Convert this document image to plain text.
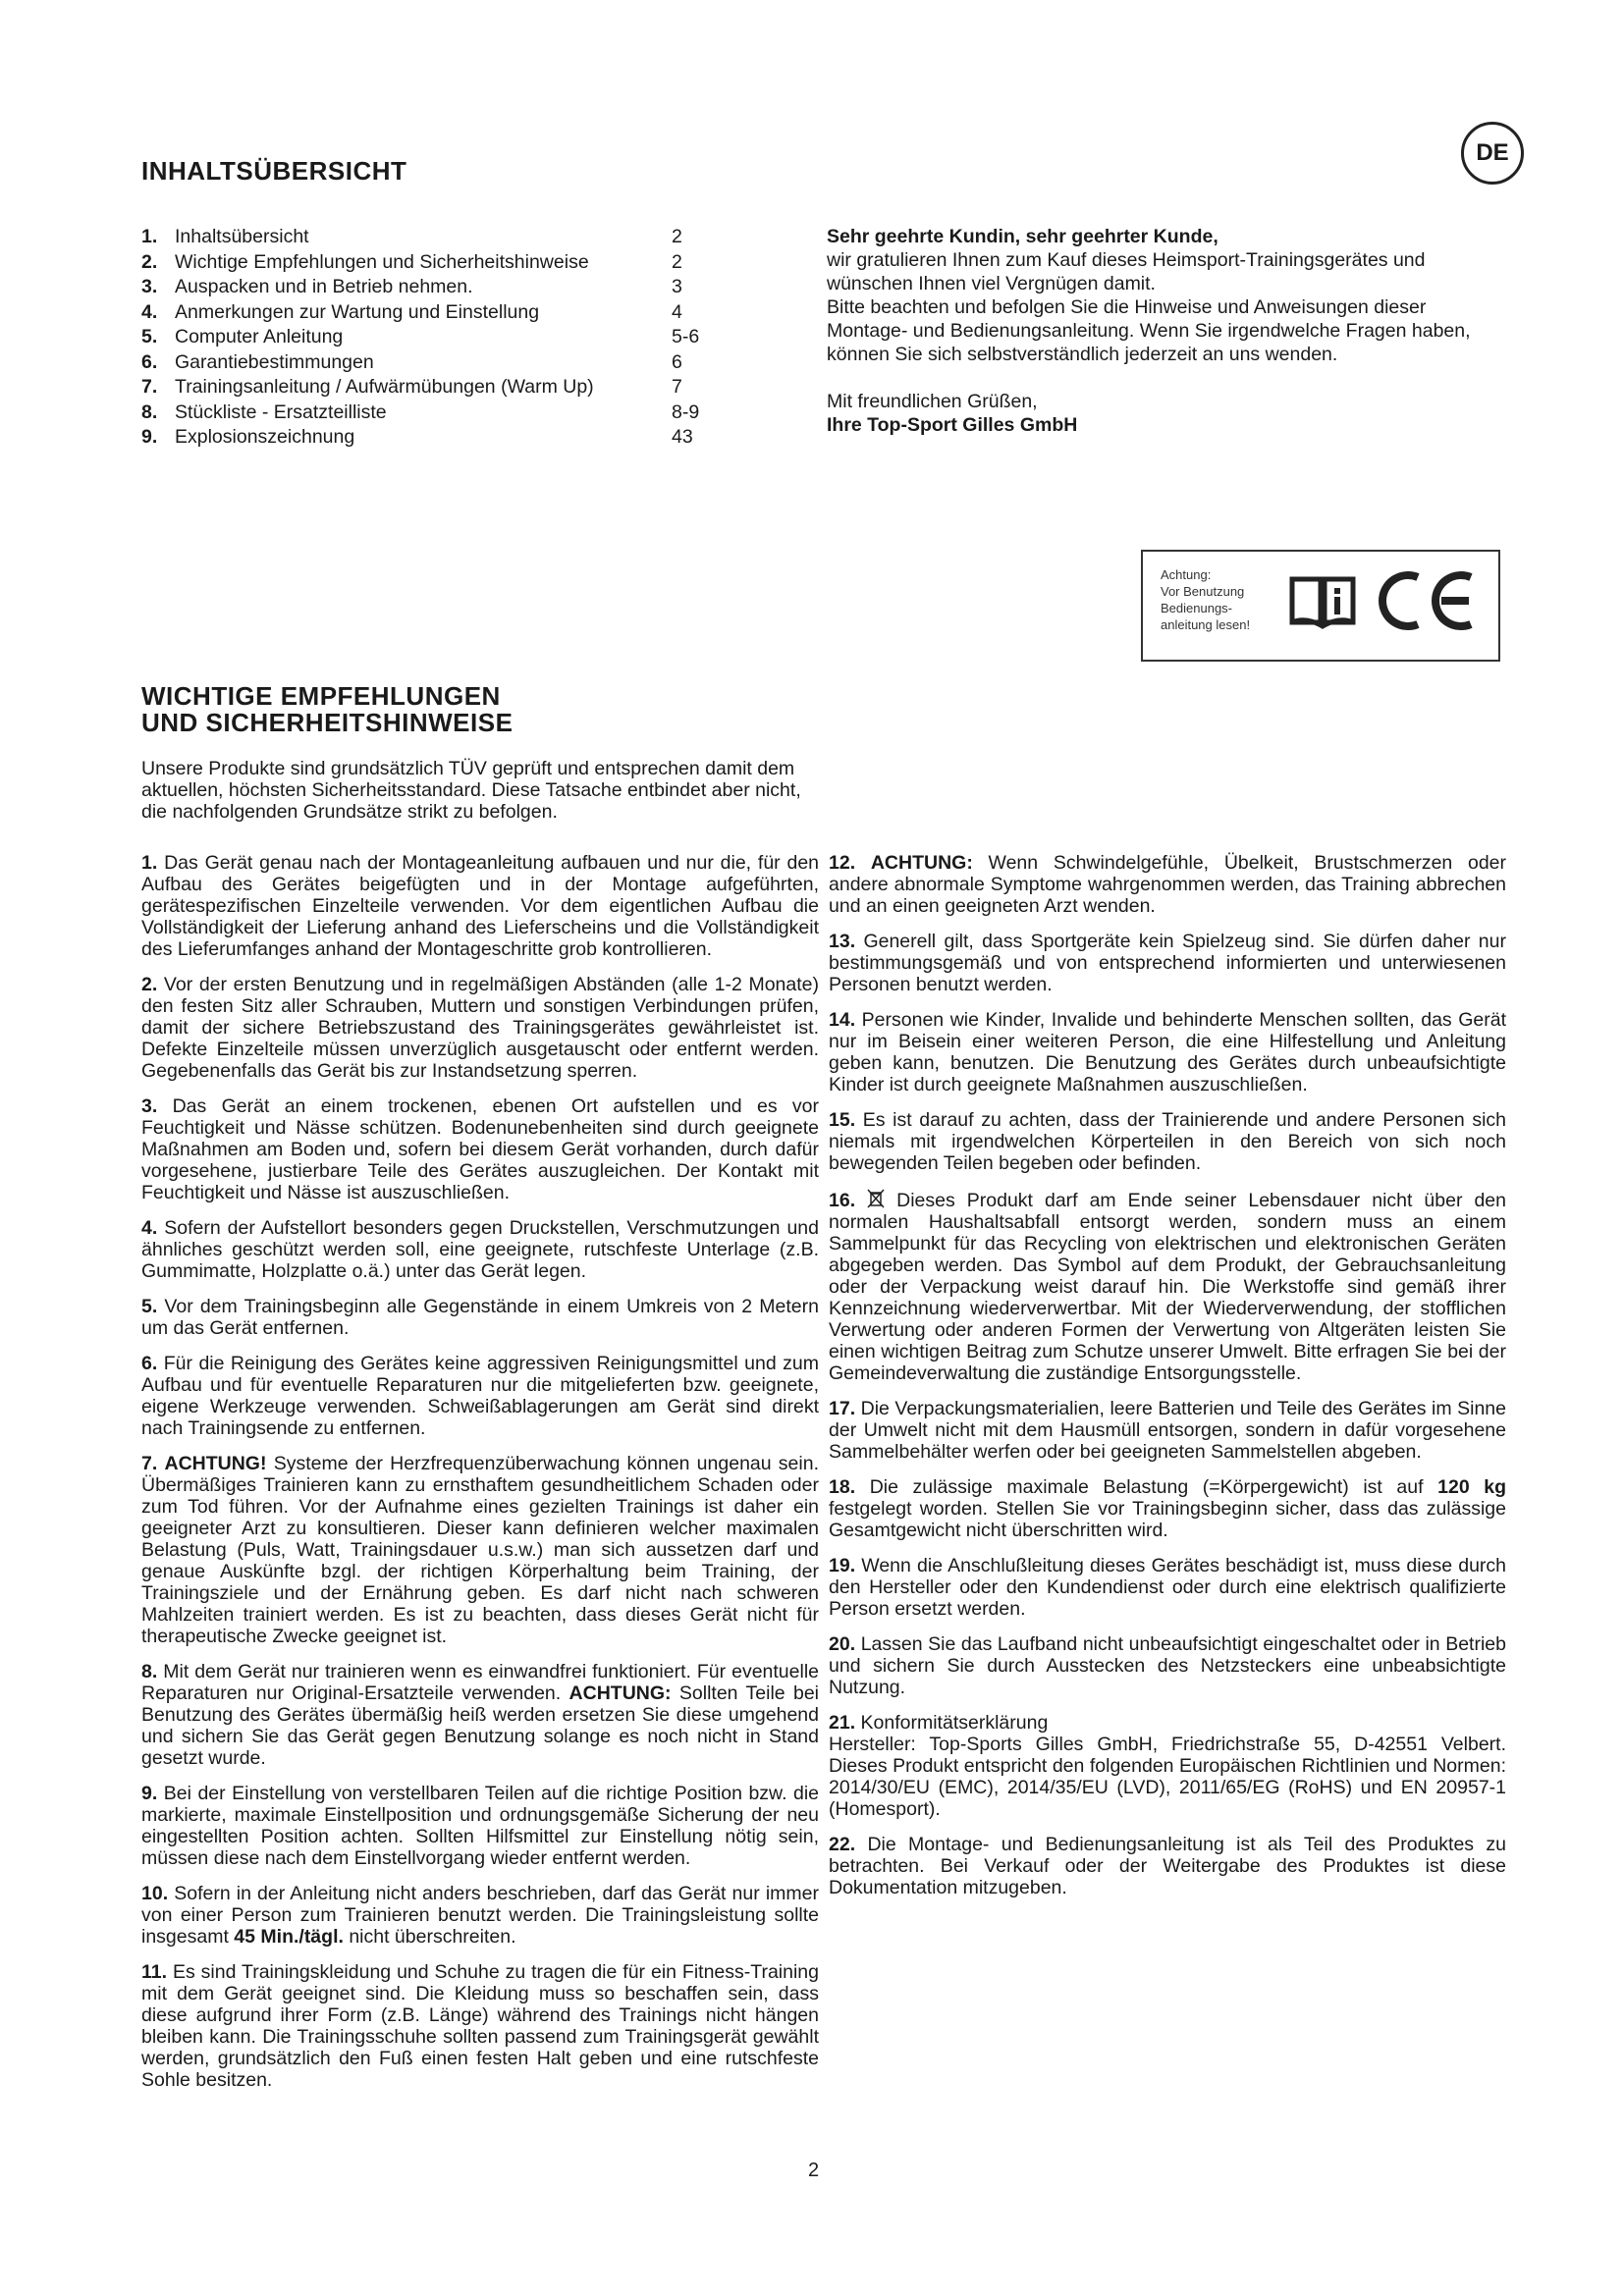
DE
INHALTSÜBERSICHT
1. Inhaltsübersicht	2
2. Wichtige Empfehlungen und Sicherheitshinweise	2
3. Auspacken und in Betrieb nehmen.	3
4. Anmerkungen zur Wartung und Einstellung	4
5. Computer Anleitung	5-6
6. Garantiebestimmungen	6
7. Trainingsanleitung / Aufwärmübungen (Warm Up)	7
8. Stückliste - Ersatzteilliste	8-9
9. Explosionszeichnung	43
Sehr geehrte Kundin, sehr geehrter Kunde,
wir gratulieren Ihnen zum Kauf dieses Heimsport-Trainingsgerätes und wünschen Ihnen viel Vergnügen damit.
Bitte beachten und befolgen Sie die Hinweise und Anweisungen dieser Montage- und Bedienungsanleitung. Wenn Sie irgendwelche Fragen haben, können Sie sich selbstverständlich jederzeit an uns wenden.
Mit freundlichen Grüßen,
Ihre Top-Sport Gilles GmbH
Achtung:
Vor Benutzung
Bedienungs-
anleitung lesen!
WICHTIGE EMPFEHLUNGEN
UND SICHERHEITSHINWEISE
Unsere Produkte sind grundsätzlich TÜV geprüft und entsprechen damit dem aktuellen, höchsten Sicherheitsstandard. Diese Tatsache entbindet aber nicht, die nachfolgenden Grundsätze strikt zu befolgen.

1. Das Gerät genau nach der Montageanleitung aufbauen und nur die, für den Aufbau des Gerätes beigefügten und in der Montage aufgeführten, gerätespezifischen Einzelteile verwenden. Vor dem eigentlichen Aufbau die Vollständigkeit der Lieferung anhand des Lieferscheins und die Vollständigkeit des Lieferumfanges anhand der Montageschritte grob kontrollieren.

2. Vor der ersten Benutzung und in regelmäßigen Abständen (alle 1-2 Monate) den festen Sitz aller Schrauben, Muttern und sonstigen Verbindungen prüfen, damit der sichere Betriebszustand des Trainingsgerätes gewährleistet ist. Defekte Einzelteile müssen unverzüglich ausgetauscht oder entfernt werden. Gegebenenfalls das Gerät bis zur Instandsetzung sperren.

3. Das Gerät an einem trockenen, ebenen Ort aufstellen und es vor Feuchtigkeit und Nässe schützen. Bodenunebenheiten sind durch geeignete Maßnahmen am Boden und, sofern bei diesem Gerät vorhanden, durch dafür vorgesehene, justierbare Teile des Gerätes auszugleichen. Der Kontakt mit Feuchtigkeit und Nässe ist auszuschließen.

4. Sofern der Aufstellort besonders gegen Druckstellen, Verschmutzungen und ähnliches geschützt werden soll, eine geeignete, rutschfeste Unterlage (z.B. Gummimatte, Holzplatte o.ä.) unter das Gerät legen.

5. Vor dem Trainingsbeginn alle Gegenstände in einem Umkreis von 2 Metern um das Gerät entfernen.

6. Für die Reinigung des Gerätes keine aggressiven Reinigungsmittel und zum Aufbau und für eventuelle Reparaturen nur die mitgelieferten bzw. geeignete, eigene Werkzeuge verwenden. Schweißablagerungen am Gerät sind direkt nach Trainingsende zu entfernen.

7. ACHTUNG! Systeme der Herzfrequenzüberwachung können ungenau sein. Übermäßiges Trainieren kann zu ernsthaftem gesundheitlichem Schaden oder zum Tod führen. Vor der Aufnahme eines gezielten Trainings ist daher ein geeigneter Arzt zu konsultieren. Dieser kann definieren welcher maximalen Belastung (Puls, Watt, Trainingsdauer u.s.w.) man sich aussetzen darf und genaue Auskünfte bzgl. der richtigen Körperhaltung beim Training, der Trainingsziele und der Ernährung geben. Es darf nicht nach schweren Mahlzeiten trainiert werden. Es ist zu beachten, dass dieses Gerät nicht für therapeutische Zwecke geeignet ist.

8. Mit dem Gerät nur trainieren wenn es einwandfrei funktioniert. Für eventuelle Reparaturen nur Original-Ersatzteile verwenden. ACHTUNG: Sollten Teile bei Benutzung des Gerätes übermäßig heiß werden ersetzen Sie diese umgehend und sichern Sie das Gerät gegen Benutzung solange es noch nicht in Stand gesetzt wurde.

9. Bei der Einstellung von verstellbaren Teilen auf die richtige Position bzw. die markierte, maximale Einstellposition und ordnungsgemäße Sicherung der neu eingestellten Position achten. Sollten Hilfsmittel zur Einstellung nötig sein, müssen diese nach dem Einstellvorgang wieder entfernt werden.

10. Sofern in der Anleitung nicht anders beschrieben, darf das Gerät nur immer von einer Person zum Trainieren benutzt werden. Die Trainingsleistung sollte insgesamt 45 Min./tägl. nicht überschreiten.

11. Es sind Trainingskleidung und Schuhe zu tragen die für ein Fitness-Training mit dem Gerät geeignet sind. Die Kleidung muss so beschaffen sein, dass diese aufgrund ihrer Form (z.B. Länge) während des Trainings nicht hängen bleiben kann. Die Trainingsschuhe sollten passend zum Trainingsgerät gewählt werden, grundsätzlich den Fuß einen festen Halt geben und eine rutschfeste Sohle besitzen.

12. ACHTUNG: Wenn Schwindelgefühle, Übelkeit, Brustschmerzen oder andere abnormale Symptome wahrgenommen werden, das Training abbrechen und an einen geeigneten Arzt wenden.

13. Generell gilt, dass Sportgeräte kein Spielzeug sind. Sie dürfen daher nur bestimmungsgemäß und von entsprechend informierten und unterwiesenen Personen benutzt werden.

14. Personen wie Kinder, Invalide und behinderte Menschen sollten, das Gerät nur im Beisein einer weiteren Person, die eine Hilfestellung und Anleitung geben kann, benutzen. Die Benutzung des Gerätes durch unbeaufsichtigte Kinder ist durch geeignete Maßnahmen auszuschließen.

15. Es ist darauf zu achten, dass der Trainierende und andere Personen sich niemals mit irgendwelchen Körperteilen in den Bereich von sich noch bewegenden Teilen begeben oder befinden.

16. Dieses Produkt darf am Ende seiner Lebensdauer nicht über den normalen Haushaltsabfall entsorgt werden, sondern muss an einem Sammelpunkt für das Recycling von elektrischen und elektronischen Geräten abgegeben werden. Das Symbol auf dem Produkt, der Gebrauchsanleitung oder der Verpackung weist darauf hin. Die Werkstoffe sind gemäß ihrer Kennzeichnung wiederverwertbar. Mit der Wiederverwendung, der stofflichen Verwertung oder anderen Formen der Verwertung von Altgeräten leisten Sie einen wichtigen Beitrag zum Schutze unserer Umwelt. Bitte erfragen Sie bei der Gemeindeverwaltung die zuständige Entsorgungsstelle.

17. Die Verpackungsmaterialien, leere Batterien und Teile des Gerätes im Sinne der Umwelt nicht mit dem Hausmüll entsorgen, sondern in dafür vorgesehene Sammelbehälter werfen oder bei geeigneten Sammelstellen abgeben.

18. Die zulässige maximale Belastung (=Körpergewicht) ist auf 120 kg festgelegt worden. Stellen Sie vor Trainingsbeginn sicher, dass das zulässige Gesamtgewicht nicht überschritten wird.

19. Wenn die Anschlußleitung dieses Gerätes beschädigt ist, muss diese durch den Hersteller oder den Kundendienst oder durch eine elektrisch qualifizierte Person ersetzt werden.

20. Lassen Sie das Laufband nicht unbeaufsichtigt eingeschaltet oder in Betrieb und sichern Sie durch Ausstecken des Netzsteckers eine unbeabsichtigte Nutzung.

21. Konformitätserklärung
Hersteller: Top-Sports Gilles GmbH, Friedrichstraße 55, D-42551 Velbert. Dieses Produkt entspricht den folgenden Europäischen Richtlinien und Normen: 2014/30/EU (EMC), 2014/35/EU (LVD), 2011/65/EG (RoHS) und EN 20957-1 (Homesport).

22. Die Montage- und Bedienungsanleitung ist als Teil des Produktes zu betrachten. Bei Verkauf oder der Weitergabe des Produktes ist diese Dokumentation mitzugeben.

2
